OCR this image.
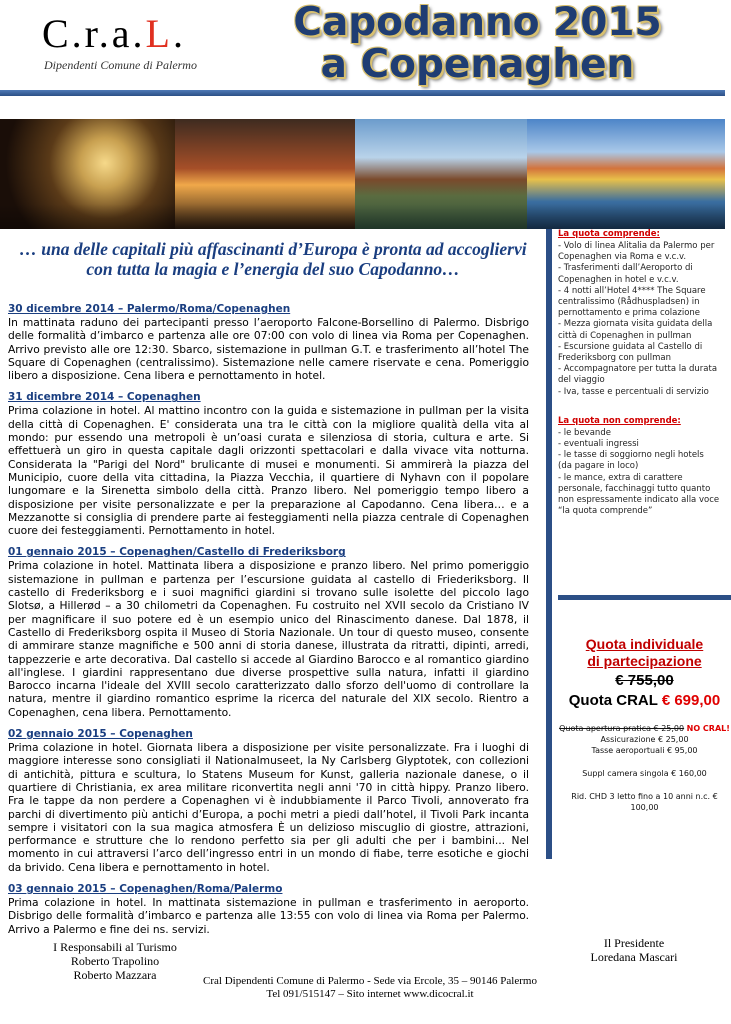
C.r.a.L.
Dipendenti Comune di Palermo
Capodanno 2015
a Copenaghen
… una delle capitali più affascinanti d’Europa è pronta ad accogliervi con tutta la magia e l’energia del suo Capodanno…
30 dicembre 2014 – Palermo/Roma/Copenaghen
In mattinata raduno dei partecipanti presso l’aeroporto Falcone-Borsellino di Palermo. Disbrigo delle formalità d’imbarco e partenza alle ore 07:00 con volo di linea via Roma per Copenaghen. Arrivo previsto alle ore 12:30. Sbarco, sistemazione in pullman G.T. e trasferimento all’hotel The Square di Copenaghen (centralissimo). Sistemazione nelle camere riservate e cena. Pomeriggio libero a disposizione. Cena libera e pernottamento in hotel.
31 dicembre 2014 – Copenaghen
Prima colazione in hotel. Al mattino incontro con la guida e sistemazione in pullman per la visita della città di Copenaghen. E' considerata una tra le città con la migliore qualità della vita al mondo: pur essendo una metropoli è un’oasi curata e silenziosa di storia, cultura e arte. Si effettuerà un giro in questa capitale dagli orizzonti spettacolari e dalla vivace vita notturna. Considerata la "Parigi del Nord" brulicante di musei e monumenti. Si ammirerà la piazza del Municipio, cuore della vita cittadina, la Piazza Vecchia, il quartiere di Nyhavn con il popolare lungomare e la Sirenetta simbolo della città. Pranzo libero. Nel pomeriggio tempo libero a disposizione per visite personalizzate e per la preparazione al Capodanno. Cena libera… e a Mezzanotte si consiglia di prendere parte ai festeggiamenti nella piazza centrale di Copenaghen cuore dei festeggiamenti. Pernottamento in hotel.
01 gennaio 2015 – Copenaghen/Castello di Frederiksborg
Prima colazione in hotel. Mattinata libera a disposizione e pranzo libero. Nel primo pomeriggio sistemazione in pullman e partenza per l’escursione guidata al castello di Friederiksborg. Il castello di Frederiksborg e i suoi magnifici giardini si trovano sulle isolette del piccolo lago Slotsø, a Hillerød – a 30 chilometri da Copenaghen. Fu costruito nel XVII secolo da Cristiano IV per magnificare il suo potere ed è un esempio unico del Rinascimento danese. Dal 1878, il Castello di Frederiksborg ospita il Museo di Storia Nazionale. Un tour di questo museo, consente di ammirare stanze magnifiche e 500 anni di storia danese, illustrata da ritratti, dipinti, arredi, tappezzerie e arte decorativa. Dal castello si accede al Giardino Barocco e al romantico giardino all'inglese. I giardini rappresentano due diverse prospettive sulla natura, infatti il giardino Barocco incarna l'ideale del XVIII secolo caratterizzato dallo sforzo dell'uomo di controllare la natura, mentre il giardino romantico esprime la ricerca del naturale del XIX secolo. Rientro a Copenaghen, cena libera. Pernottamento.
02 gennaio 2015 – Copenaghen
Prima colazione in hotel. Giornata libera a disposizione per visite personalizzate. Fra i luoghi di maggiore interesse sono consigliati il Nationalmuseet, la Ny Carlsberg Glyptotek, con collezioni di antichità, pittura e scultura, lo Statens Museum for Kunst, galleria nazionale danese, o il quartiere di Christiania, ex area militare riconvertita negli anni '70 in città hippy. Pranzo libero. Fra le tappe da non perdere a Copenaghen vi è indubbiamente il Parco Tivoli, annoverato fra parchi di divertimento più antichi d’Europa, a pochi metri a piedi dall’hotel, il Tivoli Park incanta sempre i visitatori con la sua magica atmosfera È un delizioso miscuglio di giostre, attrazioni, performance e strutture che lo rendono perfetto sia per gli adulti che per i bambini... Nel momento in cui attraversi l’arco dell’ingresso entri in un mondo di fiabe, terre esotiche e giochi da brivido. Cena libera e pernottamento in hotel.
03 gennaio 2015 – Copenaghen/Roma/Palermo
Prima colazione in hotel. In mattinata sistemazione in pullman e trasferimento in aeroporto. Disbrigo delle formalità d’imbarco e partenza alle 13:55 con volo di linea via Roma per Palermo. Arrivo a Palermo e fine dei ns. servizi.
La quota comprende:
- Volo di linea Alitalia da Palermo per
Copenaghen via Roma e v.c.v.
- Trasferimenti dall’Aeroporto di
Copenaghen in hotel e v.c.v.
- 4 notti all’Hotel 4**** The Square
centralissimo (Rådhuspladsen) in
pernottamento e prima colazione
- Mezza giornata visita guidata della
città di Copenaghen in pullman
- Escursione guidata al Castello di
Frederiksborg con pullman
- Accompagnatore per tutta la durata
del viaggio
- Iva, tasse e percentuali di servizio
La quota non comprende:
- le bevande
- eventuali ingressi
- le tasse di soggiorno negli hotels
(da pagare in loco)
- le mance, extra di carattere
personale, facchinaggi tutto quanto
non espressamente indicato alla voce
“la quota comprende”
Quota individuale
di partecipazione
€ 755,00
Quota CRAL € 699,00
Quota apertura pratica € 25,00 NO CRAL!
Assicurazione € 25,00
Tasse aeroportuali € 95,00
Suppl camera singola € 160,00
Rid. CHD 3 letto fino a 10 anni n.c. €
100,00
I Responsabili al Turismo
Roberto Trapolino
Roberto Mazzara
Il Presidente
Loredana Mascari
Cral Dipendenti Comune di Palermo - Sede via Ercole, 35 – 90146 Palermo
Tel 091/515147 – Sito internet www.dicocral.it
